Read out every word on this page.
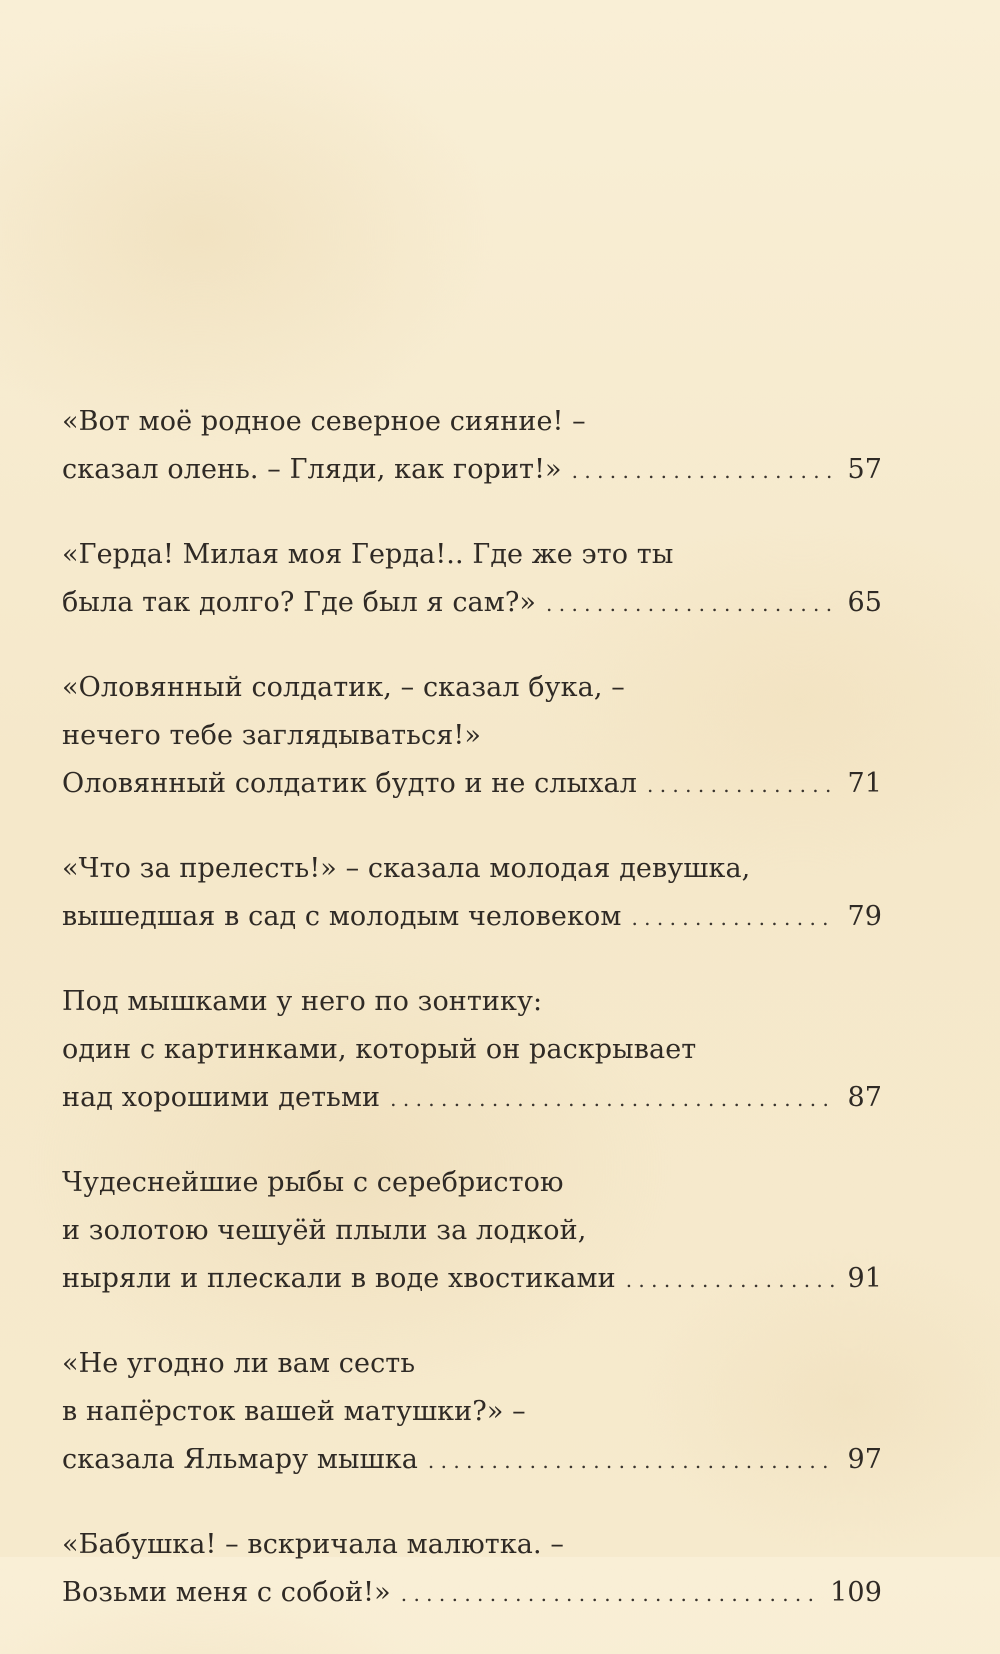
«Вот моё родное северное сияние! –
сказал олень. – Гляди, как горит!» . . .	57
«Герда! Милая моя Герда!.. Где же это ты
была так долго? Где был я сам?» . . .	65
«Оловянный солдатик, – сказал бука, –
нечего тебе заглядываться!»
Оловянный солдатик будто и не слыхал . . .	71
«Что за прелесть!» – сказала молодая девушка,
вышедшая в сад с молодым человеком . . .	79
Под мышками у него по зонтику:
один с картинками, который он раскрывает
над хорошими детьми . . .	87
Чудеснейшие рыбы с серебристою
и золотою чешуёй плыли за лодкой,
ныряли и плескали в воде хвостиками . . .	91
«Не угодно ли вам сесть
в напёрсток вашей матушки?» –
сказала Яльмару мышка . . .	97
«Бабушка! – вскричала малютка. –
Возьми меня с собой!» . . .	109
